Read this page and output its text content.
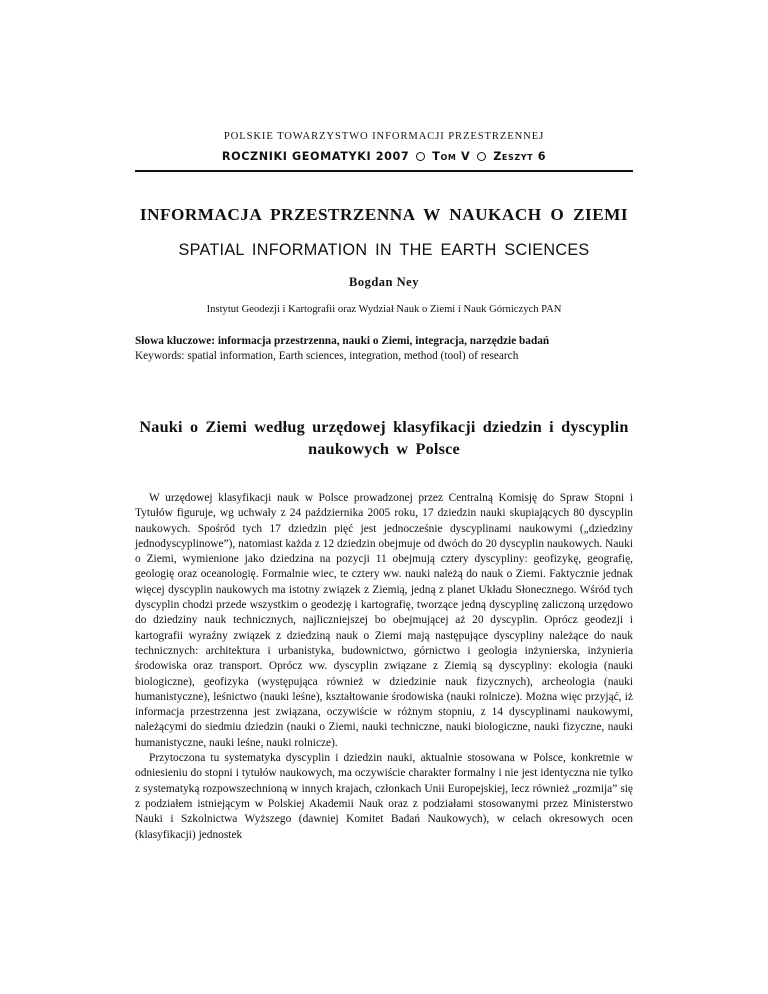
POLSKIE TOWARZYSTWO INFORMACJI PRZESTRZENNEJ
ROCZNIKI GEOMATYKI 2007 Tom V Zeszyt 6
INFORMACJA PRZESTRZENNA W NAUKACH O ZIEMI
SPATIAL INFORMATION IN THE EARTH SCIENCES
Bogdan Ney
Instytut Geodezji i Kartografii oraz Wydział Nauk o Ziemi i Nauk Górniczych PAN
Słowa kluczowe: informacja przestrzenna, nauki o Ziemi, integracja, narzędzie badań
Keywords: spatial information, Earth sciences, integration, method (tool) of research
Nauki o Ziemi według urzędowej klasyfikacji dziedzin i dyscyplin naukowych w Polsce

W urzędowej klasyfikacji nauk w Polsce prowadzonej przez Centralną Komisję do Spraw Stopni i Tytułów figuruje, wg uchwały z 24 października 2005 roku, 17 dziedzin nauki skupiających 80 dyscyplin naukowych. Spośród tych 17 dziedzin pięć jest jednocześnie dyscyplinami naukowymi („dziedziny jednodyscyplinowe”), natomiast każda z 12 dziedzin obejmuje od dwóch do 20 dyscyplin naukowych. Nauki o Ziemi, wymienione jako dziedzina na pozycji 11 obejmują cztery dyscypliny: geofizykę, geografię, geologię oraz oceanologię. Formalnie wiec, te cztery ww. nauki należą do nauk o Ziemi. Faktycznie jednak więcej dyscyplin naukowych ma istotny związek z Ziemią, jedną z planet Układu Słonecznego. Wśród tych dyscyplin chodzi przede wszystkim o geodezję i kartografię, tworzące jedną dyscyplinę zaliczoną urzędowo do dziedziny nauk technicznych, najliczniejszej bo obejmującej aż 20 dyscyplin. Oprócz geodezji i kartografii wyraźny związek z dziedziną nauk o Ziemi mają następujące dyscypliny należące do nauk technicznych: architektura i urbanistyka, budownictwo, górnictwo i geologia inżynierska, inżynieria środowiska oraz transport. Oprócz ww. dyscyplin związane z Ziemią są dyscypliny: ekologia (nauki biologiczne), geofizyka (występująca również w dziedzinie nauk fizycznych), archeologia (nauki humanistyczne), leśnictwo (nauki leśne), kształtowanie środowiska (nauki rolnicze). Można więc przyjąć, iż informacja przestrzenna jest związana, oczywiście w różnym stopniu, z 14 dyscyplinami naukowymi, należącymi do siedmiu dziedzin (nauki o Ziemi, nauki techniczne, nauki biologiczne, nauki fizyczne, nauki humanistyczne, nauki leśne, nauki rolnicze).

Przytoczona tu systematyka dyscyplin i dziedzin nauki, aktualnie stosowana w Polsce, konkretnie w odniesieniu do stopni i tytułów naukowych, ma oczywiście charakter formalny i nie jest identyczna nie tylko z systematyką rozpowszechnioną w innych krajach, członkach Unii Europejskiej, lecz również „rozmija” się z podziałem istniejącym w Polskiej Akademii Nauk oraz z podziałami stosowanymi przez Ministerstwo Nauki i Szkolnictwa Wyższego (dawniej Komitet Badań Naukowych), w celach okresowych ocen (klasyfikacji) jednostek
